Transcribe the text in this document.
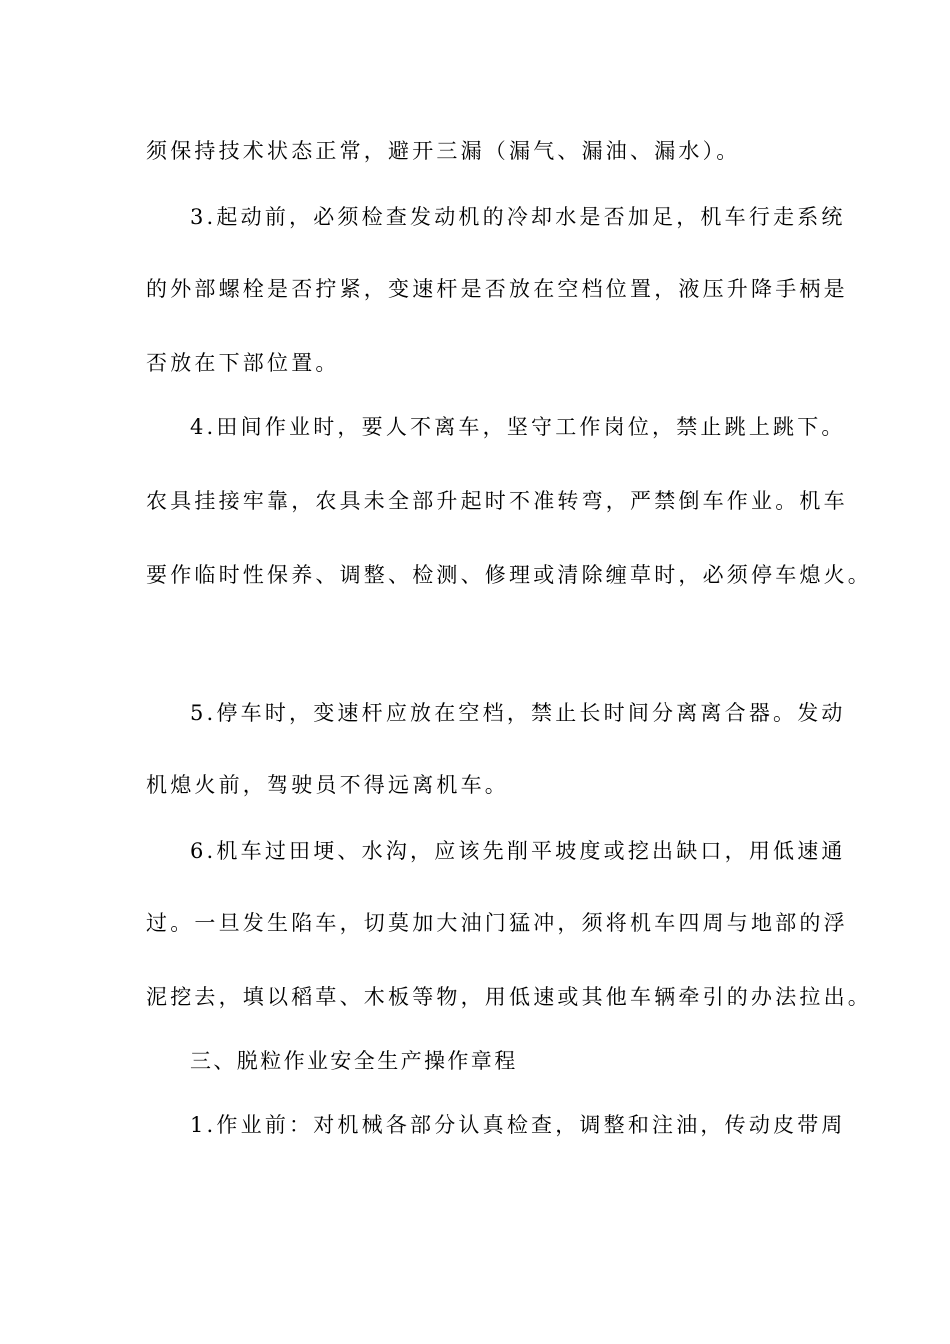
须保持技术状态正常，避开三漏（漏气、漏油、漏水）。
3.起动前，必须检查发动机的冷却水是否加足，机车行走系统
的外部螺栓是否拧紧，变速杆是否放在空档位置，液压升降手柄是
否放在下部位置。
4.田间作业时，要人不离车，坚守工作岗位，禁止跳上跳下。
农具挂接牢靠，农具未全部升起时不准转弯，严禁倒车作业。机车
要作临时性保养、调整、检测、修理或清除缠草时，必须停车熄火。
5.停车时，变速杆应放在空档，禁止长时间分离离合器。发动
机熄火前，驾驶员不得远离机车。
6.机车过田埂、水沟，应该先削平坡度或挖出缺口，用低速通
过。一旦发生陷车，切莫加大油门猛冲，须将机车四周与地部的浮
泥挖去，填以稻草、木板等物，用低速或其他车辆牵引的办法拉出。
三、脱粒作业安全生产操作章程
1.作业前：对机械各部分认真检查，调整和注油，传动皮带周
